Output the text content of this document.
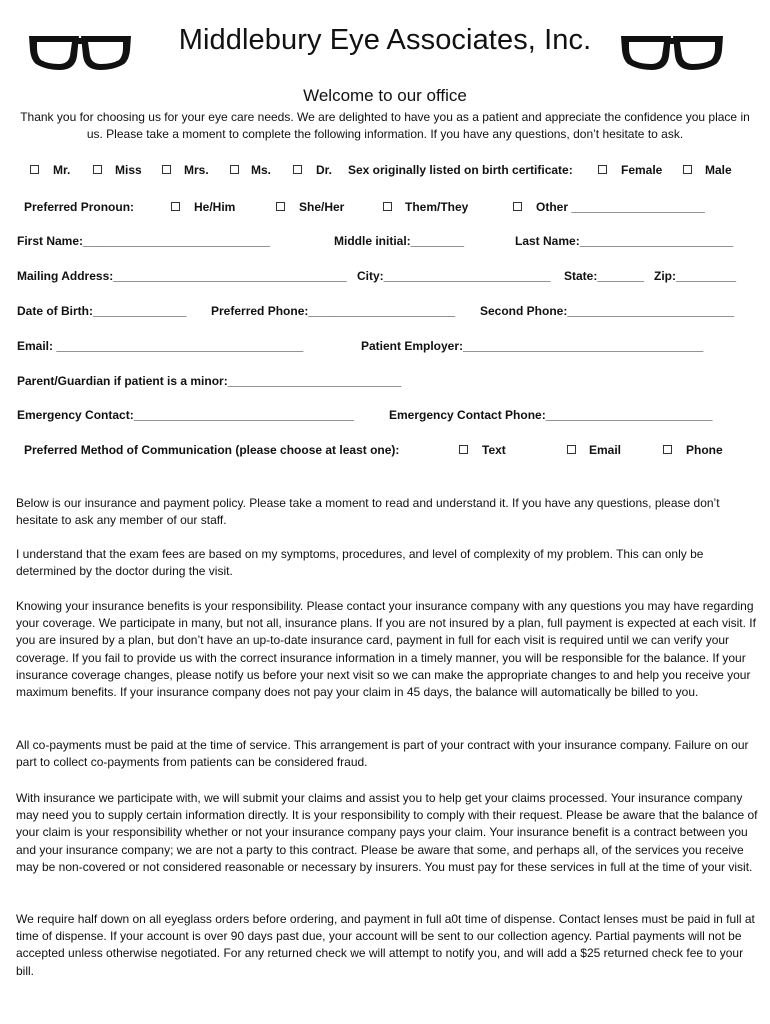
Middlebury Eye Associates, Inc.
Welcome to our office
Thank you for choosing us for your eye care needs. We are delighted to have you as a patient and appreciate the confidence you place in us. Please take a moment to complete the following information. If you have any questions, don’t hesitate to ask.
Mr.	Miss	Mrs.	Ms.	Dr. Sex originally listed on birth certificate:	Female	Male
Preferred Pronoun:	He/Him	She/Her	Them/They	Other ____________________
First Name:____________________________	Middle initial:________	Last Name:_______________________
Mailing Address:___________________________________ City:_________________________ State:_______ Zip:_________
Date of Birth:______________ Preferred Phone:______________________ Second Phone:_________________________
Email: _____________________________________	Patient Employer:____________________________________
Parent/Guardian if patient is a minor:__________________________
Emergency Contact:_________________________________	Emergency Contact Phone:_________________________
Preferred Method of Communication (please choose at least one):	Text	Email	Phone

Below is our insurance and payment policy. Please take a moment to read and understand it. If you have any questions, please don’t hesitate to ask any member of our staff.

I understand that the exam fees are based on my symptoms, procedures, and level of complexity of my problem. This can only be determined by the doctor during the visit.

Knowing your insurance benefits is your responsibility. Please contact your insurance company with any questions you may have regarding your coverage. We participate in many, but not all, insurance plans. If you are not insured by a plan, full payment is expected at each visit. If you are insured by a plan, but don’t have an up-to-date insurance card, payment in full for each visit is required until we can verify your coverage. If you fail to provide us with the correct insurance information in a timely manner, you will be responsible for the balance. If your insurance coverage changes, please notify us before your next visit so we can make the appropriate changes to and help you receive your maximum benefits. If your insurance company does not pay your claim in 45 days, the balance will automatically be billed to you.

All co-payments must be paid at the time of service. This arrangement is part of your contract with your insurance company. Failure on our part to collect co-payments from patients can be considered fraud.

With insurance we participate with, we will submit your claims and assist you to help get your claims processed. Your insurance company may need you to supply certain information directly. It is your responsibility to comply with their request. Please be aware that the balance of your claim is your responsibility whether or not your insurance company pays your claim. Your insurance benefit is a contract between you and your insurance company; we are not a party to this contract. Please be aware that some, and perhaps all, of the services you receive may be non-covered or not considered reasonable or necessary by insurers. You must pay for these services in full at the time of your visit.

We require half down on all eyeglass orders before ordering, and payment in full a0t time of dispense. Contact lenses must be paid in full at time of dispense. If your account is over 90 days past due, your account will be sent to our collection agency. Partial payments will not be accepted unless otherwise negotiated. For any returned check we will attempt to notify you, and will add a $25 returned check fee to your bill.
